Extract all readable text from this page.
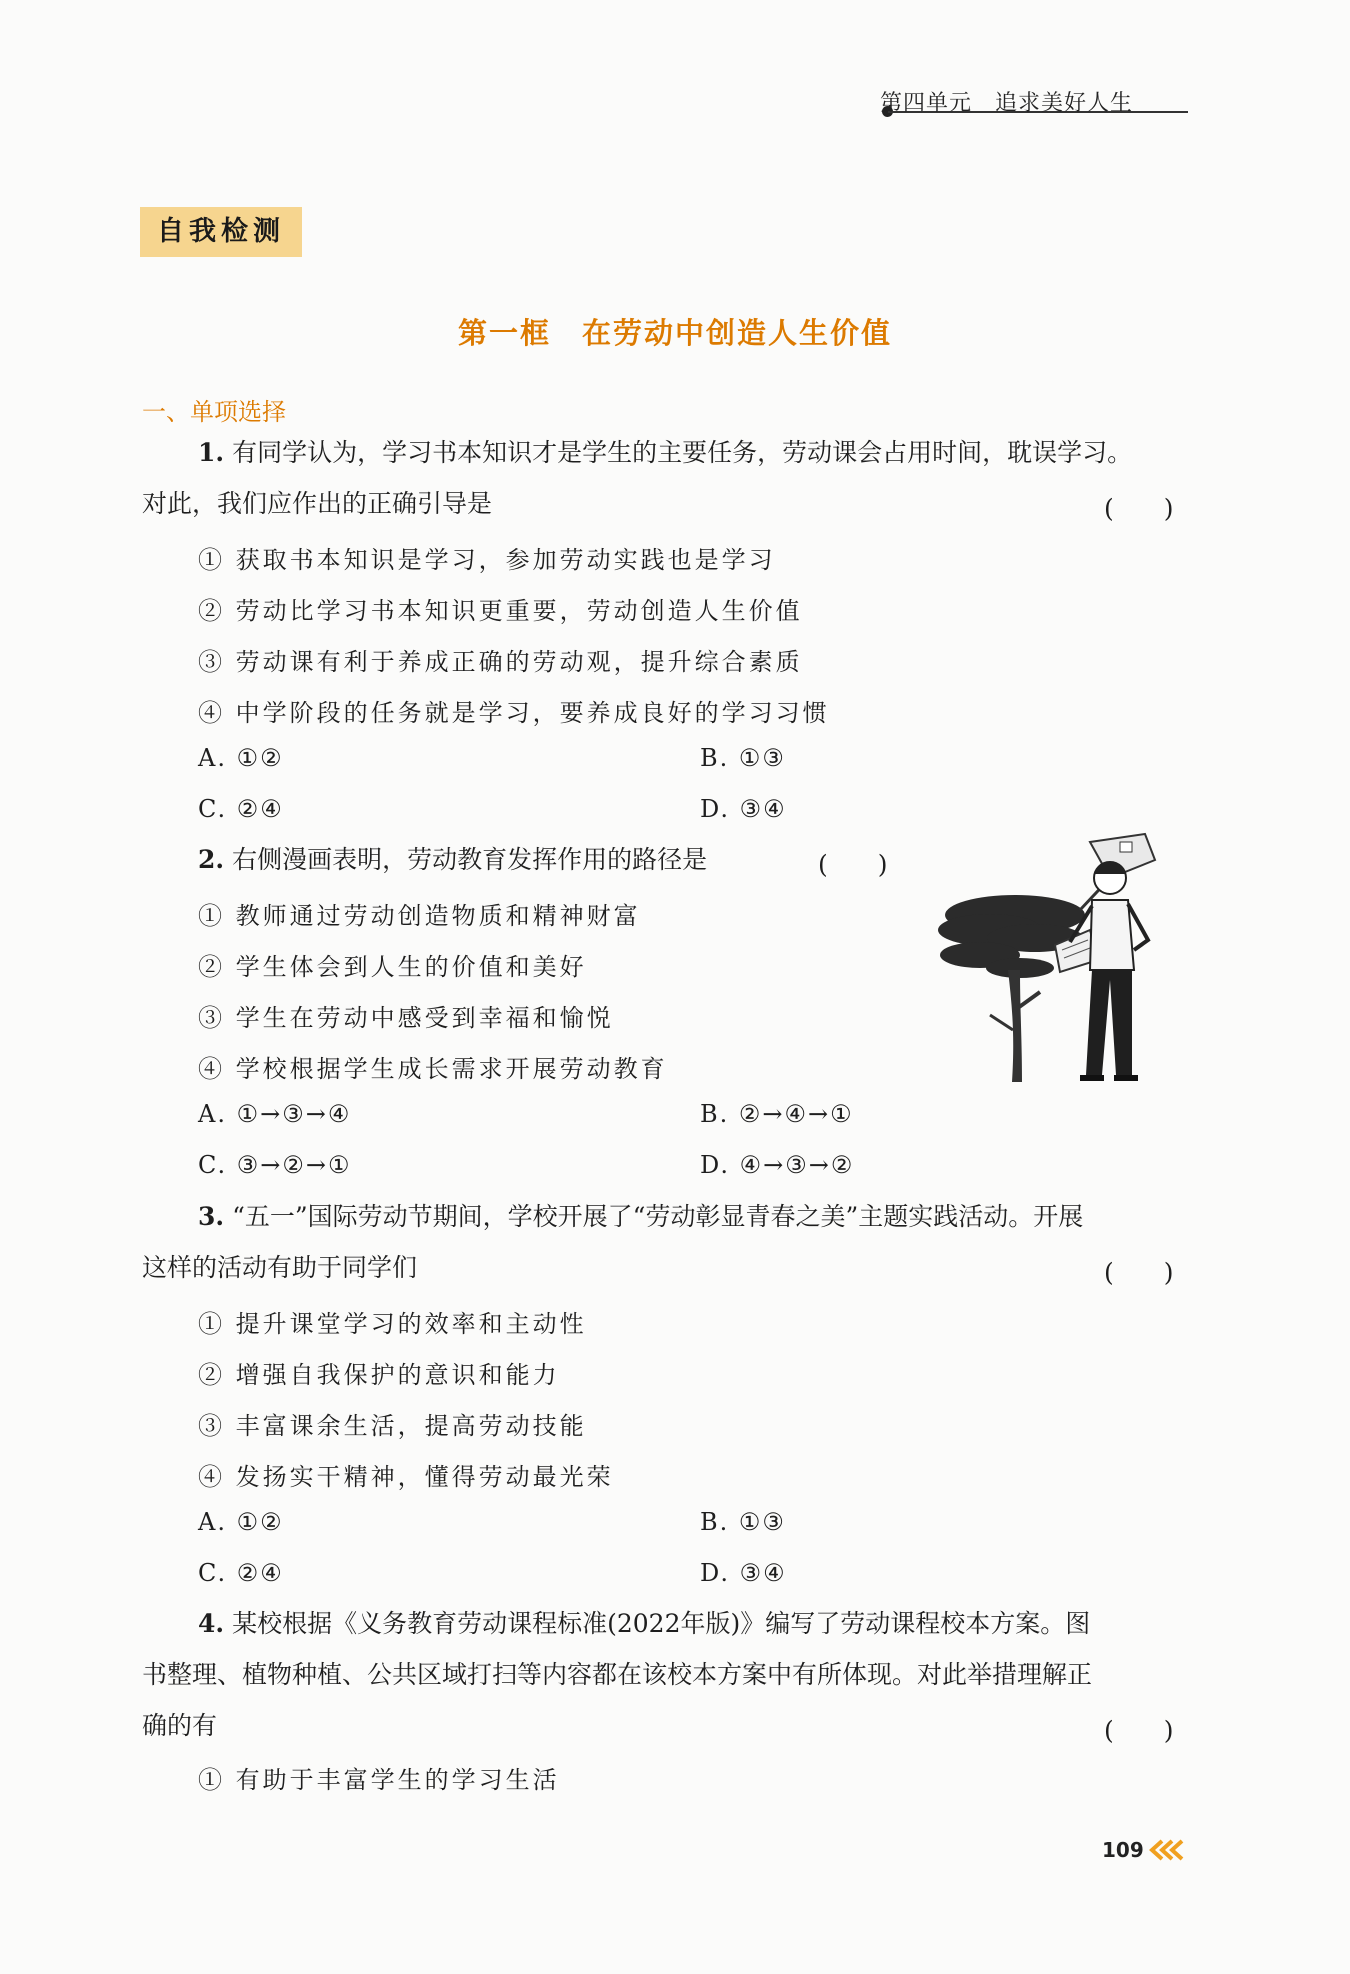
第四单元　追求美好人生
自我检测
第一框　在劳动中创造人生价值
一、单项选择
1. 有同学认为，学习书本知识才是学生的主要任务，劳动课会占用时间，耽误学习。
对此，我们应作出的正确引导是	(　　)
① 获取书本知识是学习，参加劳动实践也是学习
② 劳动比学习书本知识更重要，劳动创造人生价值
③ 劳动课有利于养成正确的劳动观，提升综合素质
④ 中学阶段的任务就是学习，要养成良好的学习习惯
A. ①②	B. ①③
C. ②④	D. ③④
2. 右侧漫画表明，劳动教育发挥作用的路径是	(　　)
① 教师通过劳动创造物质和精神财富
② 学生体会到人生的价值和美好
③ 学生在劳动中感受到幸福和愉悦
④ 学校根据学生成长需求开展劳动教育
A. ①→③→④	B. ②→④→①
C. ③→②→①	D. ④→③→②
3. “五一”国际劳动节期间，学校开展了“劳动彰显青春之美”主题实践活动。开展
这样的活动有助于同学们	(　　)
① 提升课堂学习的效率和主动性
② 增强自我保护的意识和能力
③ 丰富课余生活，提高劳动技能
④ 发扬实干精神，懂得劳动最光荣
A. ①②	B. ①③
C. ②④	D. ③④
4. 某校根据《义务教育劳动课程标准(2022年版)》编写了劳动课程校本方案。图
书整理、植物种植、公共区域打扫等内容都在该校本方案中有所体现。对此举措理解正
确的有	(　　)
① 有助于丰富学生的学习生活
109
